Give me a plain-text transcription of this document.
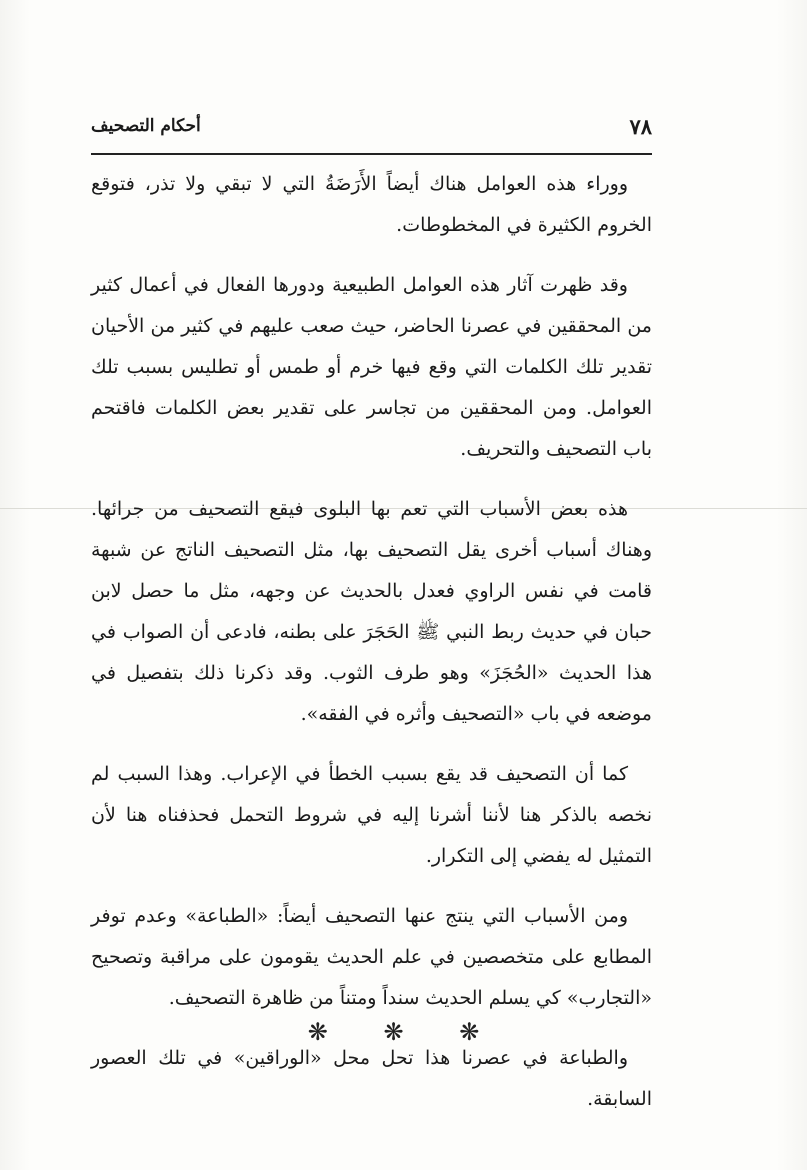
٧٨
أحكام التصحيف

ووراء هذه العوامل هناك أيضاً الأَرَضَةُ التي لا تبقي ولا تذر، فتوقع الخروم الكثيرة في المخطوطات.

وقد ظهرت آثار هذه العوامل الطبيعية ودورها الفعال في أعمال كثير من المحققين في عصرنا الحاضر، حيث صعب عليهم في كثير من الأحيان تقدير تلك الكلمات التي وقع فيها خرم أو طمس أو تطليس بسبب تلك العوامل. ومن المحققين من تجاسر على تقدير بعض الكلمات فاقتحم باب التصحيف والتحريف.

هذه بعض الأسباب التي تعم بها البلوى فيقع التصحيف من جرائها. وهناك أسباب أخرى يقل التصحيف بها، مثل التصحيف الناتج عن شبهة قامت في نفس الراوي فعدل بالحديث عن وجهه، مثل ما حصل لابن حبان في حديث ربط النبي ﷺ الحَجَرَ على بطنه، فادعى أن الصواب في هذا الحديث «الحُجَزَ» وهو طرف الثوب. وقد ذكرنا ذلك بتفصيل في موضعه في باب «التصحيف وأثره في الفقه».

كما أن التصحيف قد يقع بسبب الخطأ في الإعراب. وهذا السبب لم نخصه بالذكر هنا لأننا أشرنا إليه في شروط التحمل فحذفناه هنا لأن التمثيل له يفضي إلى التكرار.

ومن الأسباب التي ينتج عنها التصحيف أيضاً: «الطباعة» وعدم توفر المطابع على متخصصين في علم الحديث يقومون على مراقبة وتصحيح «التجارب» كي يسلم الحديث سنداً ومتناً من ظاهرة التصحيف.

والطباعة في عصرنا هذا تحل محل «الوراقين» في تلك العصور السابقة.

❋ ❋ ❋
